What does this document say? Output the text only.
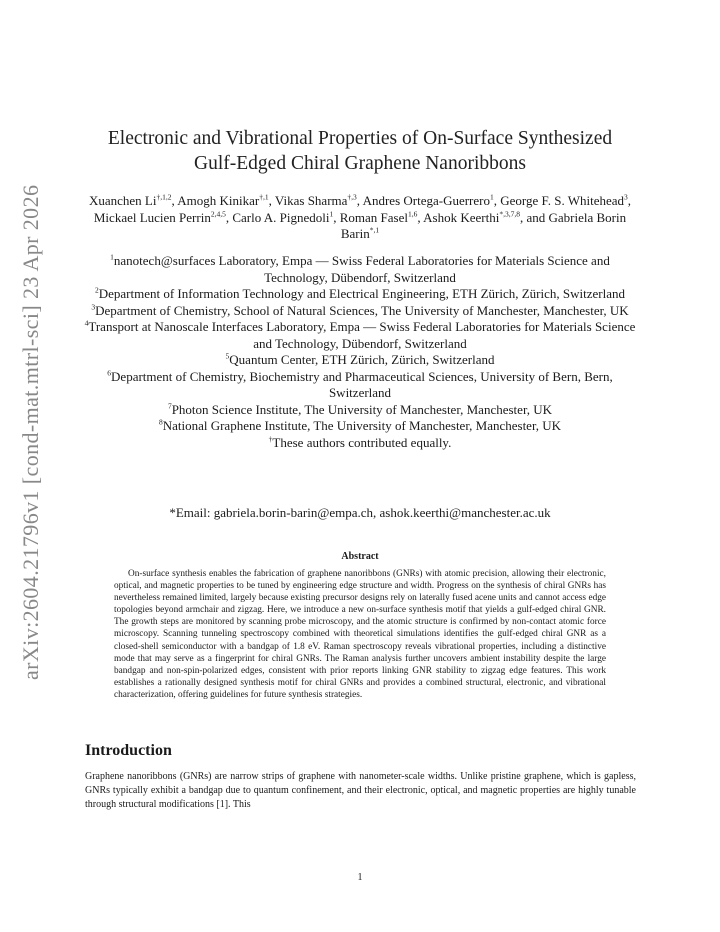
arXiv:2604.21796v1 [cond-mat.mtrl-sci] 23 Apr 2026
Electronic and Vibrational Properties of On-Surface Synthesized
Gulf-Edged Chiral Graphene Nanoribbons
Xuanchen $Li^{\dagger,1,2}$, Amogh Kinikar$^{\dagger,1}$, Vikas Sharma$^{\dagger,3}$, Andres Ortega-Guerrero$^1$, George F. S. Whitehead$^3$, Mickael Lucien Perrin$^{2,4,5}$, Carlo A. Pignedoli$^1$, Roman Fasel$^{1,6}$, Ashok Keerthi$^{*,3,7,8}$, and Gabriela Borin Barin$^{*,1}$
$^1$nanotech@surfaces Laboratory, Empa — Swiss Federal Laboratories for Materials Science and Technology, Dübendorf, Switzerland
$^2$Department of Information Technology and Electrical Engineering, ETH Zürich, Zürich, Switzerland
$^3$Department of Chemistry, School of Natural Sciences, The University of Manchester, Manchester, UK
$^4$Transport at Nanoscale Interfaces Laboratory, Empa — Swiss Federal Laboratories for Materials Science and Technology, Dübendorf, Switzerland
$^5$Quantum Center, ETH Zürich, Zürich, Switzerland
$^6$Department of Chemistry, Biochemistry and Pharmaceutical Sciences, University of Bern, Bern, Switzerland
$^7$Photon Science Institute, The University of Manchester, Manchester, UK
$^8$National Graphene Institute, The University of Manchester, Manchester, UK
†These authors contributed equally.
*Email: gabriela.borin-barin@empa.ch, ashok.keerthi@manchester.ac.uk
Abstract
On-surface synthesis enables the fabrication of graphene nanoribbons (GNRs) with atomic precision, allowing their electronic, optical, and magnetic properties to be tuned by engineering edge structure and width. Progress on the synthesis of chiral GNRs has nevertheless remained limited, largely because existing precursor designs rely on laterally fused acene units and cannot access edge topologies beyond armchair and zigzag. Here, we introduce a new on-surface synthesis motif that yields a gulf-edged chiral GNR. The growth steps are monitored by scanning probe microscopy, and the atomic structure is confirmed by non-contact atomic force microscopy. Scanning tunneling spectroscopy combined with theoretical simulations identifies the gulf-edged chiral GNR as a closed-shell semiconductor with a bandgap of 1.8 eV. Raman spectroscopy reveals vibrational properties, including a distinctive mode that may serve as a fingerprint for chiral GNRs. The Raman analysis further uncovers ambient instability despite the large bandgap and non-spin-polarized edges, consistent with prior reports linking GNR stability to zigzag edge features. This work establishes a rationally designed synthesis motif for chiral GNRs and provides a combined structural, electronic, and vibrational characterization, offering guidelines for future synthesis strategies.
Introduction
Graphene nanoribbons (GNRs) are narrow strips of graphene with nanometer-scale widths. Unlike pristine graphene, which is gapless, GNRs typically exhibit a bandgap due to quantum confinement, and their electronic, optical, and magnetic properties are highly tunable through structural modifications [1]. This
1
